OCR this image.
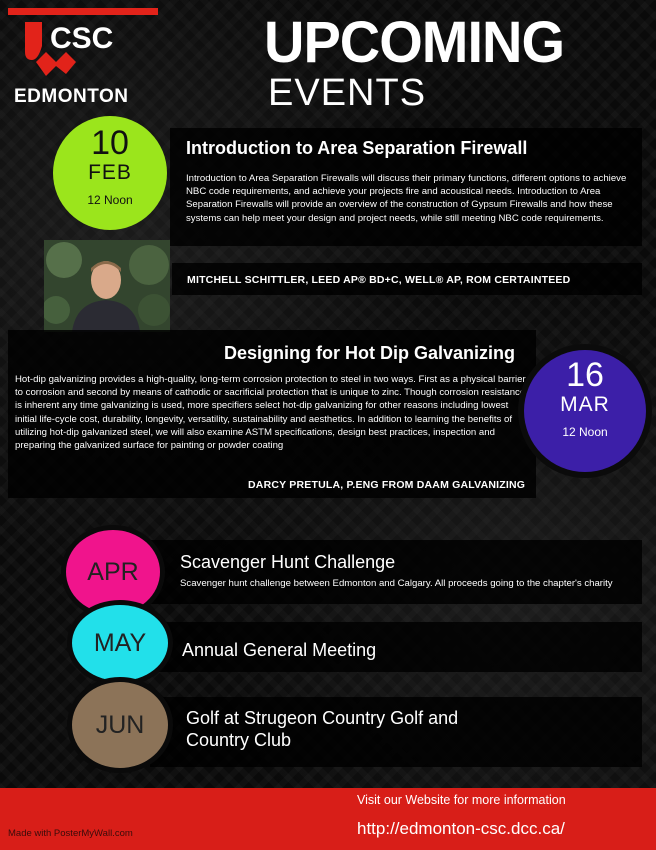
CSC
EDMONTON
UPCOMING
EVENTS
10
FEB
12 Noon
Introduction to Area Separation Firewall
Introduction to Area Separation Firewalls will discuss their primary functions, different options to achieve NBC code requirements, and achieve your projects fire and acoustical needs. Introduction to Area Separation Firewalls will provide an overview of the construction of Gypsum Firewalls and how these systems can help meet your design and project needs, while still meeting NBC code requirements.
MITCHELL SCHITTLER, LEED AP® BD+C, WELL® AP, ROM CERTAINTEED
Designing for Hot Dip Galvanizing
Hot-dip galvanizing provides a high-quality, long-term corrosion protection to steel in two ways. First as a physical barrier to corrosion and second by means of cathodic or sacrificial protection that is unique to zinc. Though corrosion resistance is inherent any time galvanizing is used, more specifiers select hot-dip galvanizing for other reasons including lowest initial life-cycle cost, durability, longevity, versatility, sustainability and aesthetics. In addition to learning the benefits of utilizing hot-dip galvanized steel, we will also examine ASTM specifications, design best practices, inspection and preparing the galvanized surface for painting or powder coating
DARCY PRETULA, P.ENG FROM DAAM GALVANIZING
16
MAR
12 Noon
APR	Scavenger Hunt Challenge
Scavenger hunt challenge between Edmonton and Calgary. All proceeds going to the chapter's charity
MAY	Annual General Meeting
JUN	Golf at Strugeon Country Golf and
Country Club
Made with PosterMyWall.com
Visit our Website for more information
http://edmonton-csc.dcc.ca/
